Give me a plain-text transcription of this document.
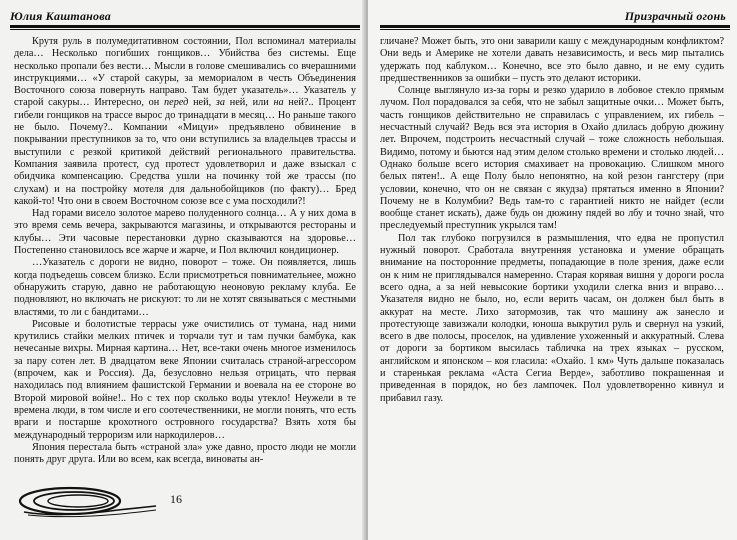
Юлия Каштанова

Крутя руль в полумедитативном состоянии, Пол вспоминал материалы дела… Несколько погибших гонщиков… Убийства без системы. Еще несколько пропали без вести… Мысли в голове смешивались со вчерашними инструкциями… «У старой сакуры, за мемориалом в честь Объединения Восточного союза повернуть направо. Там будет указатель»… Указатель у старой сакуры… Интересно, он перед ней, за ней, или на ней?.. Процент гибели гонщиков на трассе вырос до тринадцати в месяц… Но раньше такого не было. Почему?.. Компании «Мицуи» предъявлено обвинение в покрывании преступников за то, что они вступились за владельцев трассы и выступили с резкой критикой действий регионального правительства. Компания заявила протест, суд протест удовлетворил и даже взыскал с обидчика компенсацию. Средства ушли на починку той же трассы (по слухам) и на постройку мотеля для дальнобойщиков (по факту)… Бред какой-то! Что они в своем Восточном союзе все с ума посходили?!

Над горами висело золотое марево полуденного солнца… А у них дома в это время семь вечера, закрываются магазины, и открываются рестораны и клубы… Эти часовые перестановки дурно сказываются на здоровье… Постепенно становилось все жарче и жарче, и Пол включил кондиционер.

…Указатель с дороги не видно, поворот – тоже. Он появляется, лишь когда подъедешь совсем близко. Если присмотреться повнимательнее, можно обнаружить старую, давно не работающую неоновую рекламу клуба. Ее подновляют, но включать не рискуют: то ли не хотят связываться с местными властями, то ли с бандитами…

Рисовые и болотистые террасы уже очистились от тумана, над ними крутились стайки мелких птичек и торчали тут и там пучки бамбука, как нечесаные вихры. Мирная картина… Нет, все-таки очень многое изменилось за пару сотен лет. В двадцатом веке Японии считалась страной-агрессором (впрочем, как и Россия). Да, безусловно нельзя отрицать, что первая находилась под влиянием фашистской Германии и воевала на ее стороне во Второй мировой войне!.. Но с тех пор сколько воды утекло! Неужели в те времена люди, в том числе и его соотечественники, не могли понять, что есть враги и постарше крохотного островного государства? Взять хотя бы международный терроризм или наркодилеров…

Япония перестала быть «страной зла» уже давно, просто люди не могли понять друг друга. Или во всем, как всегда, виноваты ан-

16
Призрачный огонь

гличане? Может быть, это они заварили кашу с международным конфликтом? Они ведь и Америке не хотели давать независимость, и весь мир пытались удержать под каблуком… Конечно, все это было давно, и не ему судить предшественников за ошибки – пусть это делают историки.

Солнце выглянуло из-за горы и резко ударило в лобовое стекло прямым лучом. Пол порадовался за себя, что не забыл защитные очки… Может быть, часть гонщиков действительно не справилась с управлением, их гибель – несчастный случай? Ведь вся эта история в Охайо длилась добрую дюжину лет. Впрочем, подстроить несчастный случай – тоже сложность небольшая. Видимо, потому и бьются над этим делом столько времени и столько людей… Однако больше всего история смахивает на провокацию. Слишком много белых пятен!.. А еще Полу было непонятно, на кой резон гангстеру (при условии, конечно, что он не связан с якудза) прятаться именно в Японии? Почему не в Колумбии? Ведь там-то с гарантией никто не найдет (если вообще станет искать), даже будь он дюжину пядей во лбу и точно знай, что преследуемый преступник укрылся там!

Пол так глубоко погрузился в размышления, что едва не пропустил нужный поворот. Сработала внутренняя установка и умение обращать внимание на посторонние предметы, попадающие в поле зрения, даже если он к ним не приглядывался намеренно. Старая корявая вишня у дороги росла всего одна, а за ней невысокие бортики уходили слегка вниз и вправо… Указателя видно не было, но, если верить часам, он должен был быть в аккурат на месте. Лихо затормозив, так что машину аж занесло и протестующе завизжали колодки, юноша выкрутил руль и свернул на узкий, всего в две полосы, проселок, на удивление ухоженный и аккуратный. Слева от дороги за бортиком высилась табличка на трех языках – русском, английском и японском – коя гласила: «Охайо. 1 км» Чуть дальше показалась и старенькая реклама «Аста Сегиа Верде», заботливо покрашенная и приведенная в порядок, но без лампочек. Пол удовлетворенно кивнул и прибавил газу.
